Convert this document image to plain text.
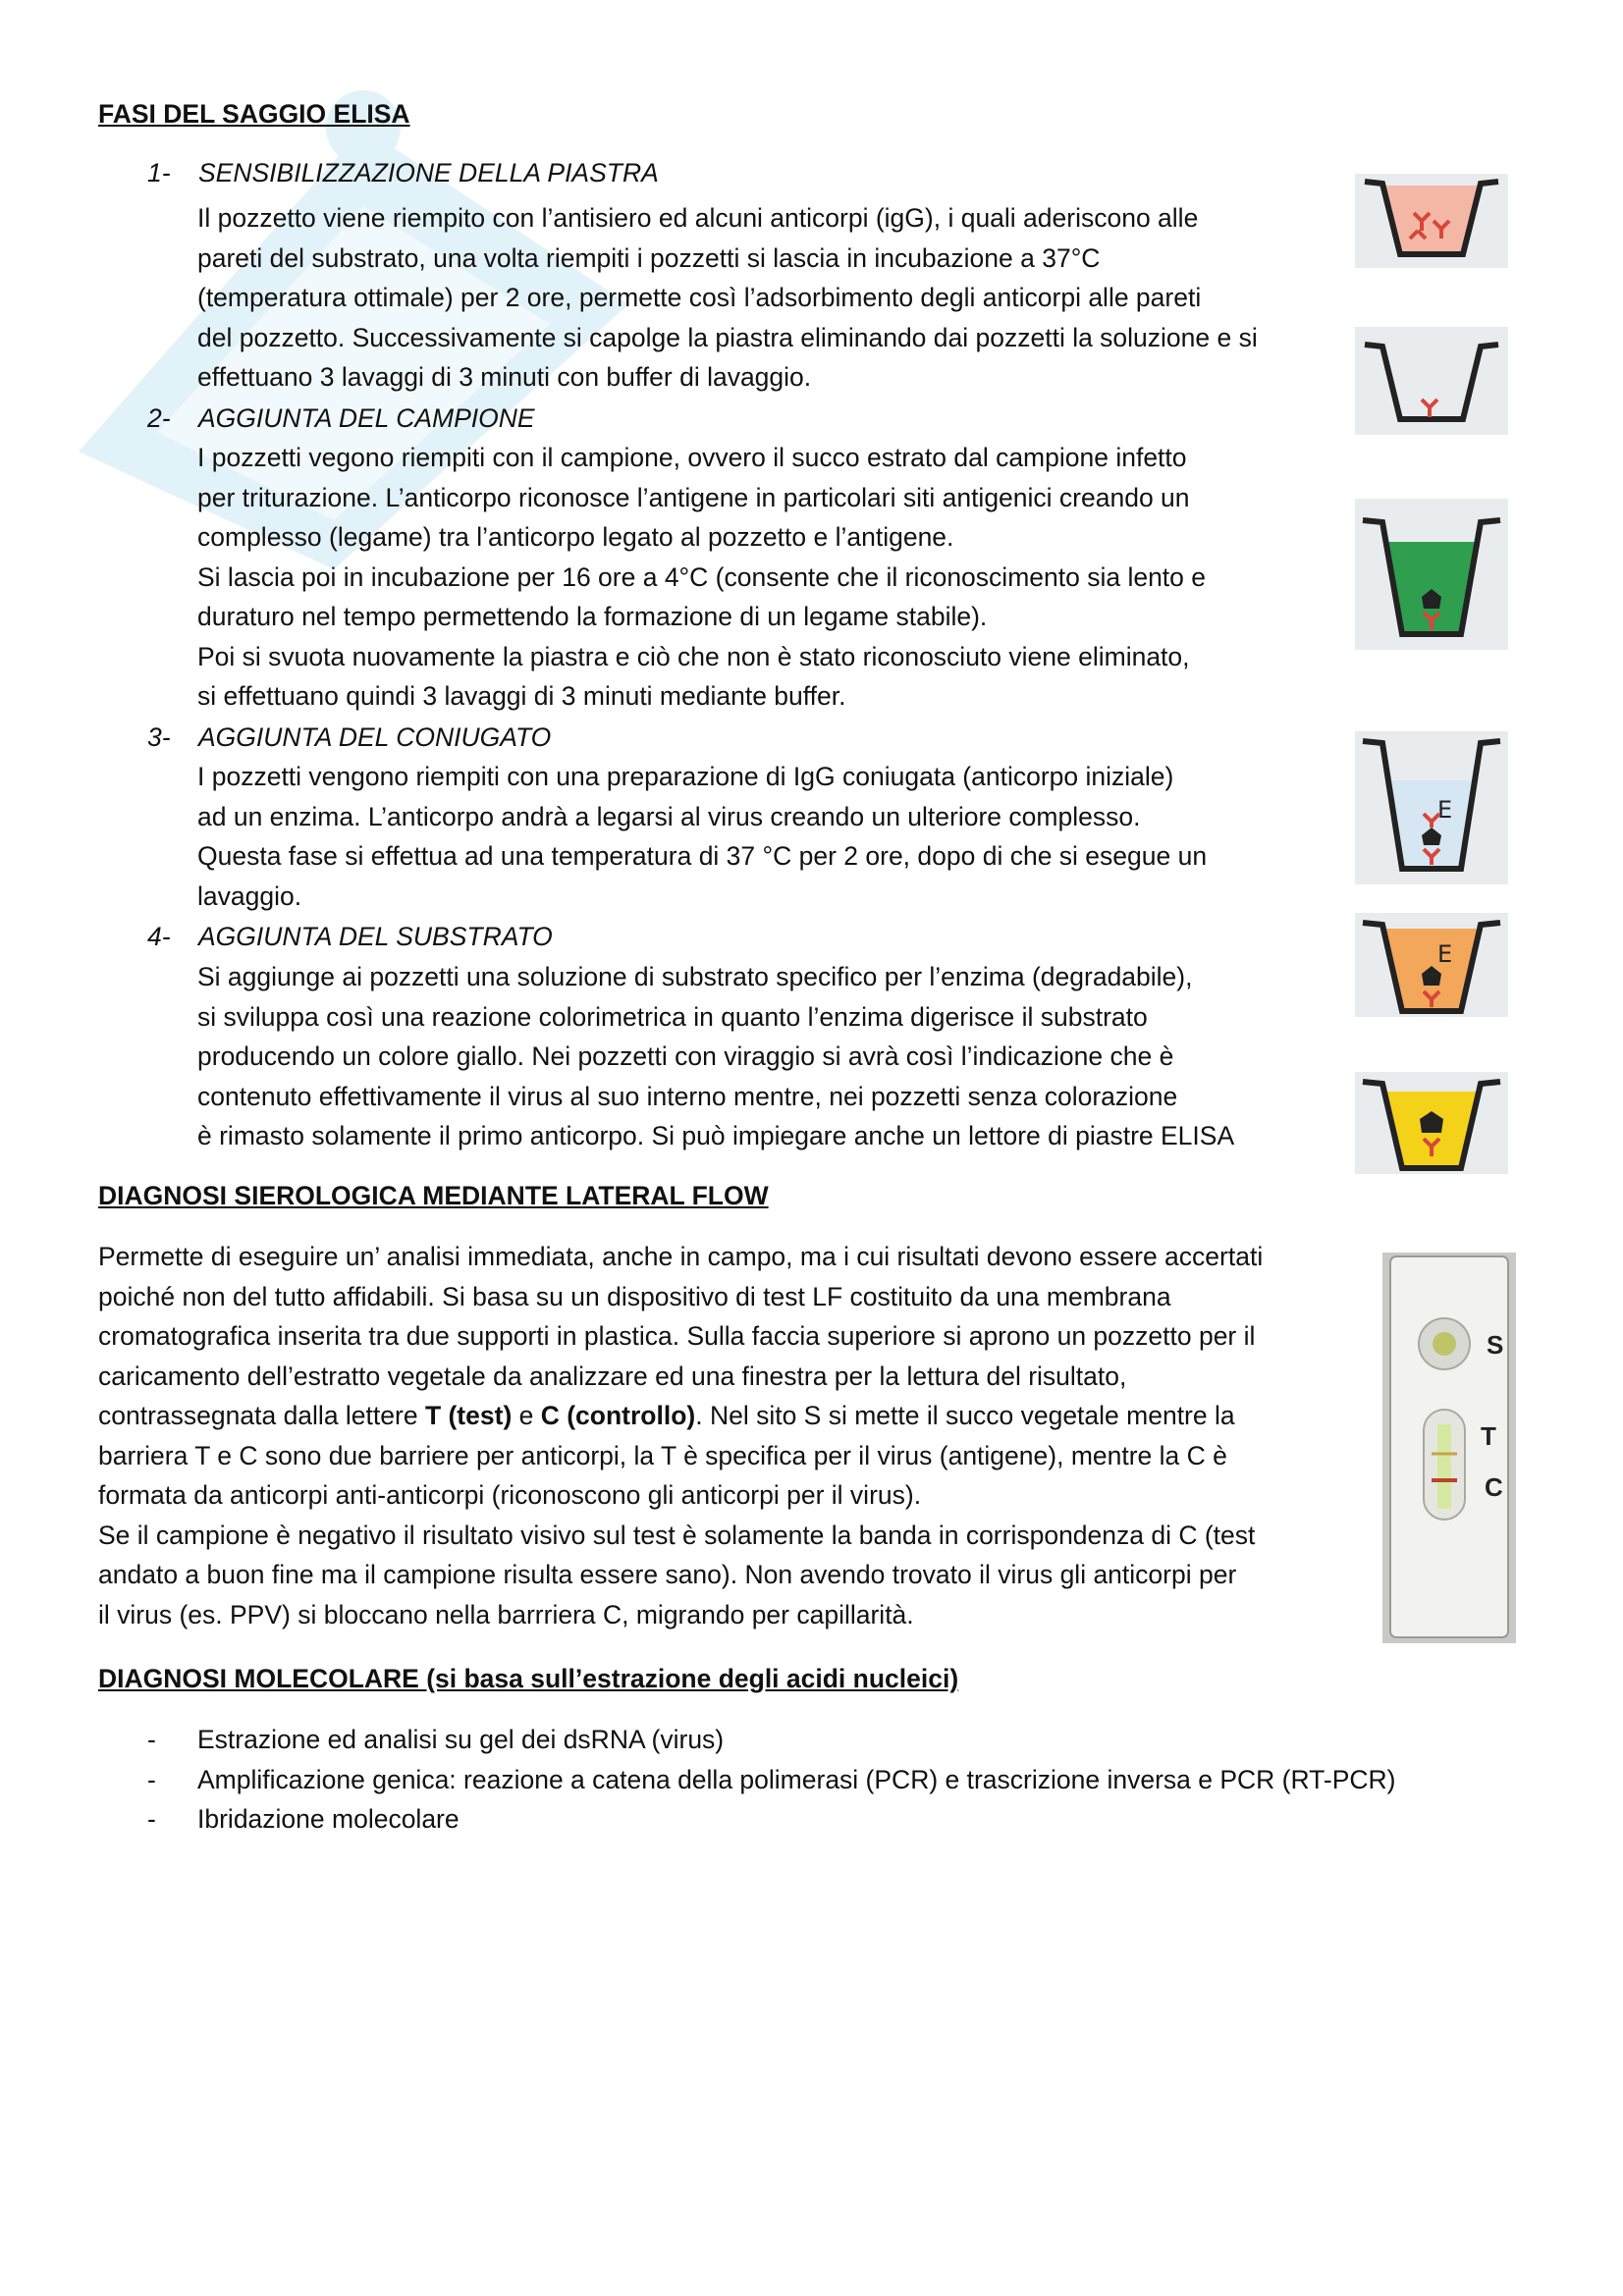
FASI DEL SAGGIO ELISA
1- SENSIBILIZZAZIONE DELLA PIASTRA
Il pozzetto viene riempito con l’antisiero ed alcuni anticorpi (igG), i quali aderiscono alle
pareti del substrato, una volta riempiti i pozzetti si lascia in incubazione a 37°C
(temperatura ottimale) per 2 ore, permette così l’adsorbimento degli anticorpi alle pareti
del pozzetto. Successivamente si capolge la piastra eliminando dai pozzetti la soluzione e si
effettuano 3 lavaggi di 3 minuti con buffer di lavaggio.
2- AGGIUNTA DEL CAMPIONE
I pozzetti vegono riempiti con il campione, ovvero il succo estrato dal campione infetto
per triturazione. L’anticorpo riconosce l’antigene in particolari siti antigenici creando un
complesso (legame) tra l’anticorpo legato al pozzetto e l’antigene.
Si lascia poi in incubazione per 16 ore a 4°C (consente che il riconoscimento sia lento e
duraturo nel tempo permettendo la formazione di un legame stabile).
Poi si svuota nuovamente la piastra e ciò che non è stato riconosciuto viene eliminato,
si effettuano quindi 3 lavaggi di 3 minuti mediante buffer.
3- AGGIUNTA DEL CONIUGATO
I pozzetti vengono riempiti con una preparazione di IgG coniugata (anticorpo iniziale)
ad un enzima. L’anticorpo andrà a legarsi al virus creando un ulteriore complesso.
Questa fase si effettua ad una temperatura di 37 °C per 2 ore, dopo di che si esegue un
lavaggio.
4- AGGIUNTA DEL SUBSTRATO
Si aggiunge ai pozzetti una soluzione di substrato specifico per l’enzima (degradabile),
si sviluppa così una reazione colorimetrica in quanto l’enzima digerisce il substrato
producendo un colore giallo. Nei pozzetti con viraggio si avrà così l’indicazione che è
contenuto effettivamente il virus al suo interno mentre, nei pozzetti senza colorazione
è rimasto solamente il primo anticorpo. Si può impiegare anche un lettore di piastre ELISA
E
E
DIAGNOSI SIEROLOGICA MEDIANTE LATERAL FLOW
Permette di eseguire un’ analisi immediata, anche in campo, ma i cui risultati devono essere accertati
poiché non del tutto affidabili. Si basa su un dispositivo di test LF costituito da una membrana
cromatografica inserita tra due supporti in plastica. Sulla faccia superiore si aprono un pozzetto per il
caricamento dell’estratto vegetale da analizzare ed una finestra per la lettura del risultato,
contrassegnata dalla lettere T (test) e C (controllo). Nel sito S si mette il succo vegetale mentre la
barriera T e C sono due barriere per anticorpi, la T è specifica per il virus (antigene), mentre la C è
formata da anticorpi anti-anticorpi (riconoscono gli anticorpi per il virus).
Se il campione è negativo il risultato visivo sul test è solamente la banda in corrispondenza di C (test
andato a buon fine ma il campione risulta essere sano). Non avendo trovato il virus gli anticorpi per
il virus (es. PPV) si bloccano nella barrriera C, migrando per capillarità.
S
T
C
DIAGNOSI MOLECOLARE (si basa sull’estrazione degli acidi nucleici)
- Estrazione ed analisi su gel dei dsRNA (virus)
- Amplificazione genica: reazione a catena della polimerasi (PCR) e trascrizione inversa e PCR (RT-PCR)
- Ibridazione molecolare
